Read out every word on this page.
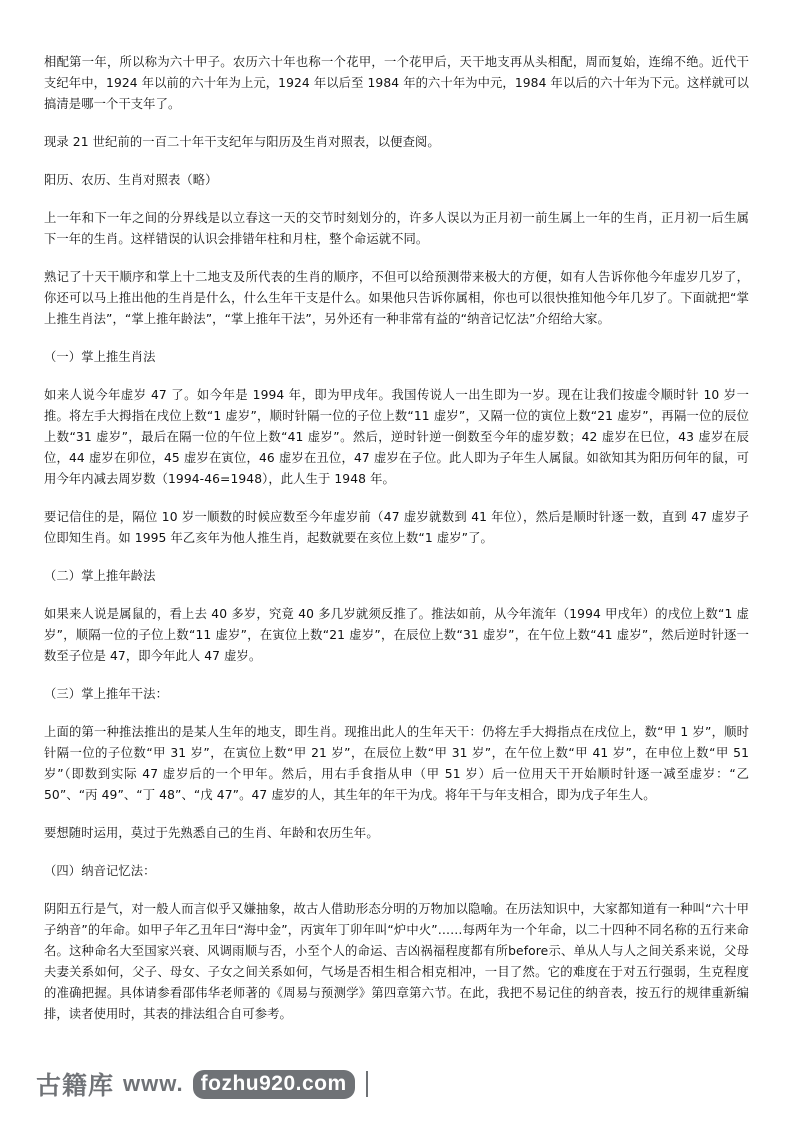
相配第一年，所以称为六十甲子。农历六十年也称一个花甲，一个花甲后，天干地支再从头相配，周而复始，连绵不绝。近代干支纪年中，1924 年以前的六十年为上元，1924 年以后至 1984 年的六十年为中元，1984 年以后的六十年为下元。这样就可以搞清是哪一个干支年了。

现录 21 世纪前的一百二十年干支纪年与阳历及生肖对照表，以便查阅。

阳历、农历、生肖对照表（略）

上一年和下一年之间的分界线是以立春这一天的交节时刻划分的，许多人误以为正月初一前生属上一年的生肖，正月初一后生属下一年的生肖。这样错误的认识会排错年柱和月柱，整个命运就不同。

熟记了十天干顺序和掌上十二地支及所代表的生肖的顺序，不但可以给预测带来极大的方便，如有人告诉你他今年虚岁几岁了，你还可以马上推出他的生肖是什么，什么生年干支是什么。如果他只告诉你属相，你也可以很快推知他今年几岁了。下面就把“掌上推生肖法”，“掌上推年龄法”，“掌上推年干法”，另外还有一种非常有益的“纳音记忆法”介绍给大家。

（一）掌上推生肖法

如来人说今年虚岁 47 了。如今年是 1994 年，即为甲戌年。我国传说人一出生即为一岁。现在让我们按虚令顺时针 10 岁一推。将左手大拇指在戌位上数“1 虚岁”，顺时针隔一位的子位上数“11 虚岁”，又隔一位的寅位上数“21 虚岁”，再隔一位的辰位上数“31 虚岁”，最后在隔一位的午位上数“41 虚岁”。然后，逆时针逆一倒数至今年的虚岁数；42 虚岁在巳位，43 虚岁在辰位，44 虚岁在卯位，45 虚岁在寅位，46 虚岁在丑位，47 虚岁在子位。此人即为子年生人属鼠。如欲知其为阳历何年的鼠，可用今年内减去周岁数（1994-46=1948），此人生于 1948 年。

要记信住的是，隔位 10 岁一顺数的时候应数至今年虚岁前（47 虚岁就数到 41 年位），然后是顺时针逐一数，直到 47 虚岁子位即知生肖。如 1995 年乙亥年为他人推生肖，起数就要在亥位上数“1 虚岁”了。

（二）掌上推年龄法

如果来人说是属鼠的，看上去 40 多岁，究竟 40 多几岁就须反推了。推法如前，从今年流年（1994 甲戌年）的戌位上数“1 虚岁”，顺隔一位的子位上数“11 虚岁”，在寅位上数“21 虚岁”，在辰位上数“31 虚岁”，在午位上数“41 虚岁”，然后逆时针逐一数至子位是 47，即今年此人 47 虚岁。

（三）掌上推年干法：

上面的第一种推法推出的是某人生年的地支，即生肖。现推出此人的生年天干：仍将左手大拇指点在戌位上，数“甲 1 岁”，顺时针隔一位的子位数“甲 31 岁”，在寅位上数“甲 21 岁”，在辰位上数“甲 31 岁”，在午位上数“甲 41 岁”，在申位上数“甲 51 岁”（即数到实际 47 虚岁后的一个甲年。然后，用右手食指从申（甲 51 岁）后一位用天干开始顺时针逐一减至虚岁：“乙 50”、“丙 49”、“丁 48”、“戊 47”。47 虚岁的人，其生年的年干为戊。将年干与年支相合，即为戊子年生人。

要想随时运用，莫过于先熟悉自己的生肖、年龄和农历生年。

（四）纳音记忆法：

阴阳五行是气，对一般人而言似乎又嫌抽象，故古人借助形态分明的万物加以隐喻。在历法知识中，大家都知道有一种叫“六十甲子纳音”的年命。如甲子年乙丑年曰“海中金”，丙寅年丁卯年叫“炉中火”……每两年为一个年命，以二十四种不同名称的五行来命名。这种命名大至国家兴衰、风调雨顺与否，小至个人的命运、吉凶祸福程度都有所before示、单从人与人之间关系来说，父母夫妻关系如何，父子、母女、子女之间关系如何，气场是否相生相合相克相冲，一目了然。它的难度在于对五行强弱，生克程度的准确把握。具体请参看邵伟华老师著的《周易与预测学》第四章第六节。在此，我把不易记住的纳音表，按五行的规律重新编排，读者使用时，其表的排法组合自可参考。

古籍库 www. fozhu920.com
